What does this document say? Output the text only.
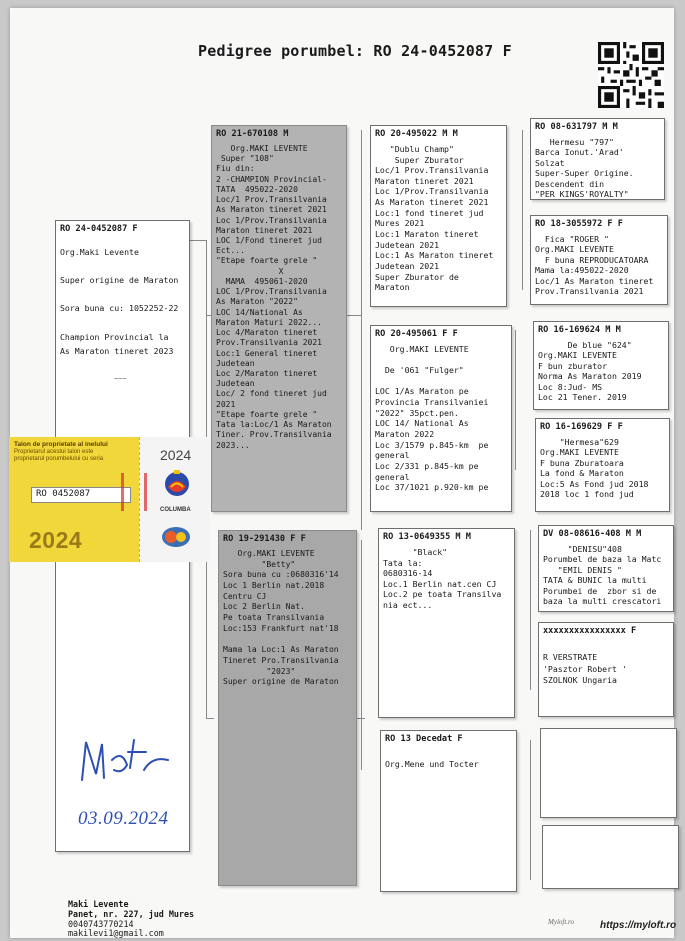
Pedigree porumbel: RO 24-0452087 F
RO 24-0452087 F
Org.Maki Levente

Super origine de Maraton

Sora buna cu: 1052252-22

Champion Provincial la
As Maraton tineret 2023
~~~
RO 21-670108 M
Org.MAKI LEVENTE
Super "108"
Fiu din:
2 -CHAMPION Provincial-
TATA  495022-2020
Loc/1 Prov.Transilvania
As Maraton tineret 2021
Loc 1/Prov.Transilvania
Maraton tineret 2021
LOC 1/Fond tineret jud
Ect...
"Etape foarte grele "
X
MAMA  495061-2020
LOC 1/Prov.Transilvania
As Maraton "2022"
LOC 14/National As
Maraton Maturi 2022...
Loc 4/Maraton tineret
Prov.Transilvania 2021
Loc:1 General tineret
Judetean
Loc 2/Maraton tineret
Judetean
Loc/ 2 fond tineret jud
2021
"Etape foarte grele "
Tata la:Loc/1 As Maraton
Tiner. Prov.Transilvania
2023...
RO 19-291430 F F
Org.MAKI LEVENTE
"Betty"
Sora buna cu :0680316'14
Loc 1 Berlin nat.2018
Centru CJ
Loc 2 Berlin Nat.
Pe toata Transilvania
Loc:153 Frankfurt nat'18

Mama la Loc:1 As Maraton
Tineret Pro.Transilvania
"2023"
Super origine de Maraton
RO 20-495022 M M
"Dublu Champ"
Super Zburator
Loc/1 Prov.Transilvania
Maraton tineret 2021
Loc 1/Prov.Transilvania
As Maraton tineret 2021
Loc:1 fond tineret jud
Mures 2021
Loc:1 Maraton tineret
Judetean 2021
Loc:1 As Maraton tineret
Judetean 2021
Super Zburator de
Maraton
RO 20-495061 F F
Org.MAKI LEVENTE

De '061 "Fulger"

LOC 1/As Maraton pe
Provincia Transilvaniei
"2022" 35pct.pen.
LOC 14/ National As
Maraton 2022
Loc 3/1579 p.845-km  pe
general
Loc 2/331 p.845-km pe
general
Loc 37/1021 p.920-km pe
RO 13-0649355 M M
"Black"
Tata la:
0680316-14
Loc.1 Berlin nat.cen CJ
Loc.2 pe toata Transilva
nia ect...
RO 13 Decedat F
Org.Mene und Tocter
RO 08-631797 M M
Hermesu "797"
Barca Ionut.'Arad'
Solzat
Super-Super Origine.
Descendent din
"PER KINGS'ROYALTY"
RO 18-3055972 F F
Fica "ROGER "
Org.MAKI LEVENTE
F buna REPRODUCATOARA
Mama la:495022-2020
Loc/1 As Maraton tineret
Prov.Transilvania 2021
RO 16-169624 M M
De blue "624"
Org.MAKI LEVENTE
F bun zburator
Norma As Maraton 2019
Loc 8:Jud- MS
Loc 21 Tener. 2019
RO 16-169629 F F
"Hermesa"629
Org.MAKI LEVENTE
F buna Zburatoara
La fond & Maraton
Loc:5 As Fond jud 2018
2018 loc 1 fond jud
DV 08-08616-408 M M
"DENISU"408
Porumbel de baza la Matc
"EMIL DENIS "
TATA & BUNIC la multi
Porumbei de  zbor si de
baza la multi crescatori
xxxxxxxxxxxxxxxx F

R VERSTRATE
'Pasztor Robert '
SZOLNOK Ungaria
Talon de proprietate al inelului
Proprietarul acestui talon este
proprietarul porumbelului cu seria
RO 0452087
2024
2024
COLUMBA
03.09.2024
Maki Levente
Panet, nr. 227, jud Mures
0040743770214
makilevi1@gmail.com
Myloft.ro	https://myloft.ro
